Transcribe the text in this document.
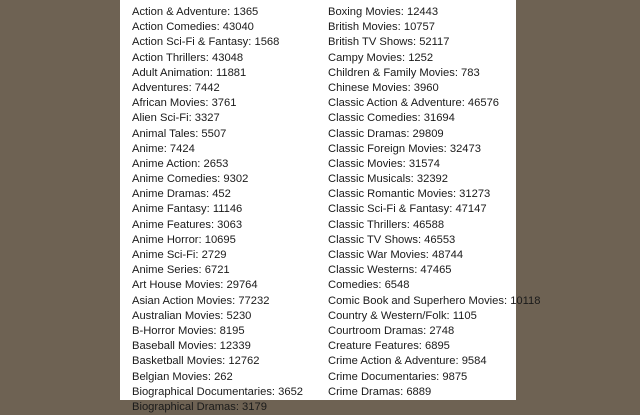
Action & Adventure: 1365
Action Comedies: 43040
Action Sci-Fi & Fantasy: 1568
Action Thrillers: 43048
Adult Animation: 11881
Adventures: 7442
African Movies: 3761
Alien Sci-Fi: 3327
Animal Tales: 5507
Anime: 7424
Anime Action: 2653
Anime Comedies: 9302
Anime Dramas: 452
Anime Fantasy: 11146
Anime Features: 3063
Anime Horror: 10695
Anime Sci-Fi: 2729
Anime Series: 6721
Art House Movies: 29764
Asian Action Movies: 77232
Australian Movies: 5230
B-Horror Movies: 8195
Baseball Movies: 12339
Basketball Movies: 12762
Belgian Movies: 262
Biographical Documentaries: 3652
Biographical Dramas: 3179
Boxing Movies: 12443
British Movies: 10757
British TV Shows: 52117
Campy Movies: 1252
Children & Family Movies: 783
Chinese Movies: 3960
Classic Action & Adventure: 46576
Classic Comedies: 31694
Classic Dramas: 29809
Classic Foreign Movies: 32473
Classic Movies: 31574
Classic Musicals: 32392
Classic Romantic Movies: 31273
Classic Sci-Fi & Fantasy: 47147
Classic Thrillers: 46588
Classic TV Shows: 46553
Classic War Movies: 48744
Classic Westerns: 47465
Comedies: 6548
Comic Book and Superhero Movies: 10118
Country & Western/Folk: 1105
Courtroom Dramas: 2748
Creature Features: 6895
Crime Action & Adventure: 9584
Crime Documentaries: 9875
Crime Dramas: 6889
